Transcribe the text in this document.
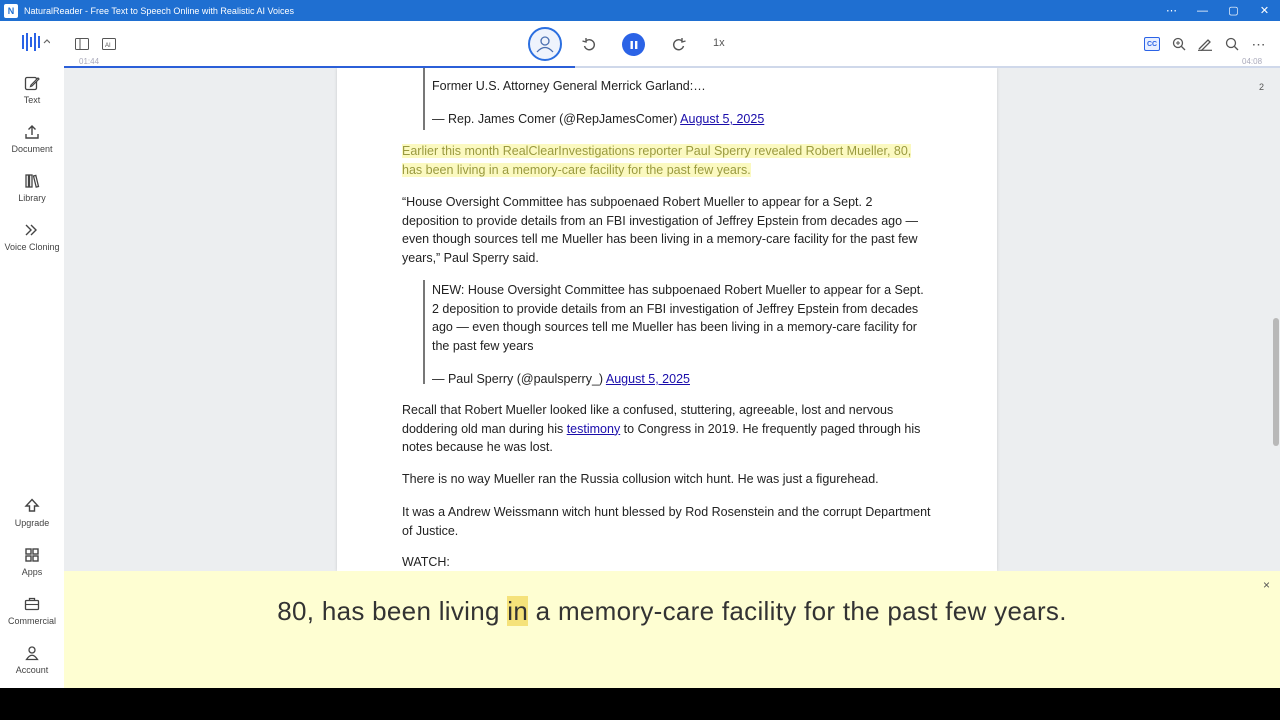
N	NaturalReader - Free Text to Speech Online with Realistic AI Voices	⋯	—	▢	✕
AI
01:44
1x	CC	⋯
04:08
Text
Document
Library
Voice Cloning
Upgrade
Apps
Commercial
Account
Former U.S. Attorney General Merrick Garland:…
— Rep. James Comer (@RepJamesComer) August 5, 2025
Earlier this month RealClearInvestigations reporter Paul Sperry revealed Robert Mueller, 80, has been living in a memory-care facility for the past few years.
“House Oversight Committee has subpoenaed Robert Mueller to appear for a Sept. 2 deposition to provide details from an FBI investigation of Jeffrey Epstein from decades ago — even though sources tell me Mueller has been living in a memory-care facility for the past few years,” Paul Sperry said.
NEW: House Oversight Committee has subpoenaed Robert Mueller to appear for a Sept. 2 deposition to provide details from an FBI investigation of Jeffrey Epstein from decades ago — even though sources tell me Mueller has been living in a memory-care facility for the past few years
— Paul Sperry (@paulsperry_) August 5, 2025
Recall that Robert Mueller looked like a confused, stuttering, agreeable, lost and nervous doddering old man during his testimony to Congress in 2019. He frequently paged through his notes because he was lost.
There is no way Mueller ran the Russia collusion witch hunt. He was just a figurehead.
It was a Andrew Weissmann witch hunt blessed by Rod Rosenstein and the corrupt Department of Justice.
WATCH:
2
×
80, has been living in a memory-care facility for the past few years.
